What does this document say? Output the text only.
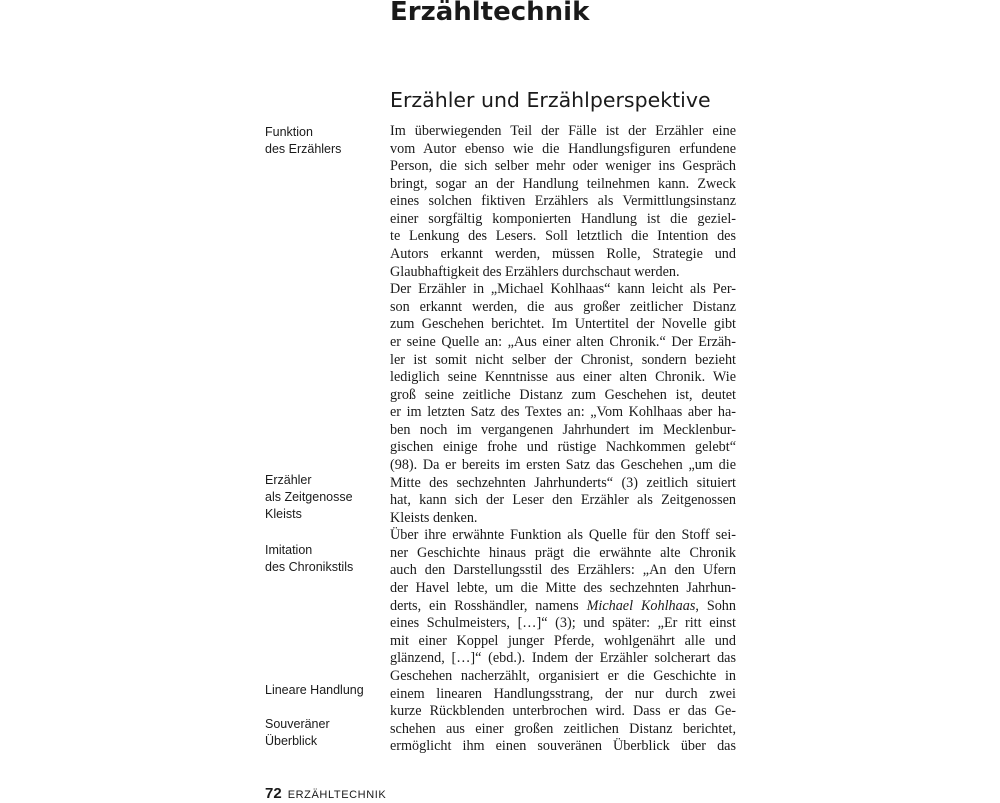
Erzähltechnik
Erzähler und Erzählperspektive
Funktion
des Erzählers
Erzähler
als Zeitgenosse
Kleists
Imitation
des Chronikstils
Lineare Handlung
Souveräner
Überblick
Im überwiegenden Teil der Fälle ist der Erzähler eine
vom Autor ebenso wie die Handlungsfiguren erfundene
Person, die sich selber mehr oder weniger ins Gespräch
bringt, sogar an der Handlung teilnehmen kann. Zweck
eines solchen fiktiven Erzählers als Vermittlungsinstanz
einer sorgfältig komponierten Handlung ist die geziel-
te Lenkung des Lesers. Soll letztlich die Intention des
Autors erkannt werden, müssen Rolle, Strategie und
Glaubhaftigkeit des Erzählers durchschaut werden.
Der Erzähler in „Michael Kohlhaas“ kann leicht als Per-
son erkannt werden, die aus großer zeitlicher Distanz
zum Geschehen berichtet. Im Untertitel der Novelle gibt
er seine Quelle an: „Aus einer alten Chronik.“ Der Erzäh-
ler ist somit nicht selber der Chronist, sondern bezieht
lediglich seine Kenntnisse aus einer alten Chronik. Wie
groß seine zeitliche Distanz zum Geschehen ist, deutet
er im letzten Satz des Textes an: „Vom Kohlhaas aber ha-
ben noch im vergangenen Jahrhundert im Mecklenbur-
gischen einige frohe und rüstige Nachkommen gelebt“
(98). Da er bereits im ersten Satz das Geschehen „um die
Mitte des sechzehnten Jahrhunderts“ (3) zeitlich situiert
hat, kann sich der Leser den Erzähler als Zeitgenossen
Kleists denken.
Über ihre erwähnte Funktion als Quelle für den Stoff sei-
ner Geschichte hinaus prägt die erwähnte alte Chronik
auch den Darstellungsstil des Erzählers: „An den Ufern
der Havel lebte, um die Mitte des sechzehnten Jahrhun-
derts, ein Rosshändler, namens Michael Kohlhaas, Sohn
eines Schulmeisters, […]“ (3); und später: „Er ritt einst
mit einer Koppel junger Pferde, wohlgenährt alle und
glänzend, […]“ (ebd.). Indem der Erzähler solcherart das
Geschehen nacherzählt, organisiert er die Geschichte in
einem linearen Handlungsstrang, der nur durch zwei
kurze Rückblenden unterbrochen wird. Dass er das Ge-
schehen aus einer großen zeitlichen Distanz berichtet,
ermöglicht ihm einen souveränen Überblick über das
72 ERZÄHLTECHNIK
